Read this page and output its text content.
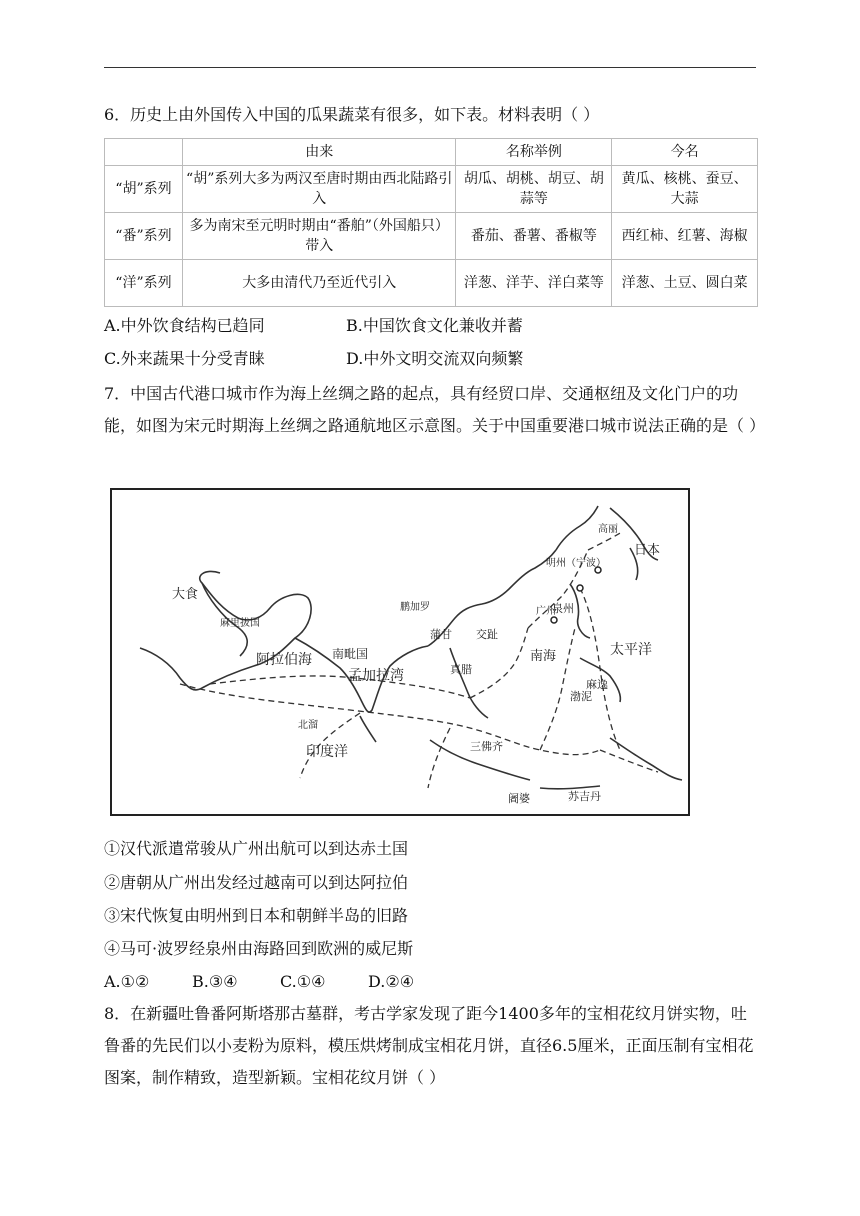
6．历史上由外国传入中国的瓜果蔬菜有很多，如下表。材料表明（ ）
	由来	名称举例	今名
“胡”系列	“胡”系列大多为两汉至唐时期由西北陆路引入	胡瓜、胡桃、胡豆、胡蒜等	黄瓜、核桃、蚕豆、大蒜
“番”系列	多为南宋至元明时期由“番舶”（外国船只）带入	番茄、番薯、番椒等	西红柿、红薯、海椒
“洋”系列	大多由清代乃至近代引入	洋葱、洋芋、洋白菜等	洋葱、土豆、圆白菜
A.中外饮食结构已趋同	B.中国饮食文化兼收并蓄
C.外来蔬果十分受青睐	D.中外文明交流双向频繁
7．中国古代港口城市作为海上丝绸之路的起点，具有经贸口岸、交通枢纽及文化门户的功能，如图为宋元时期海上丝绸之路通航地区示意图。关于中国重要港口城市说法正确的是（ ）
大食
麻里拔国
阿拉伯海 南毗国
孟加拉湾
鹏加罗
蒲甘 交趾
真腊
南海	太平洋
印度洋
北溜
广州
泉州
明州（宁波）
日本
高丽
渤泥
三佛齐
阇婆	苏吉丹
麻逸
①汉代派遣常骏从广州出航可以到达赤土国
②唐朝从广州出发经过越南可以到达阿拉伯
③宋代恢复由明州到日本和朝鲜半岛的旧路
④马可·波罗经泉州由海路回到欧洲的威尼斯
A.①②	B.③④	C.①④	D.②④
8．在新疆吐鲁番阿斯塔那古墓群，考古学家发现了距今1400多年的宝相花纹月饼实物，吐鲁番的先民们以小麦粉为原料，模压烘烤制成宝相花月饼，直径6.5厘米，正面压制有宝相花图案，制作精致，造型新颖。宝相花纹月饼（ ）
